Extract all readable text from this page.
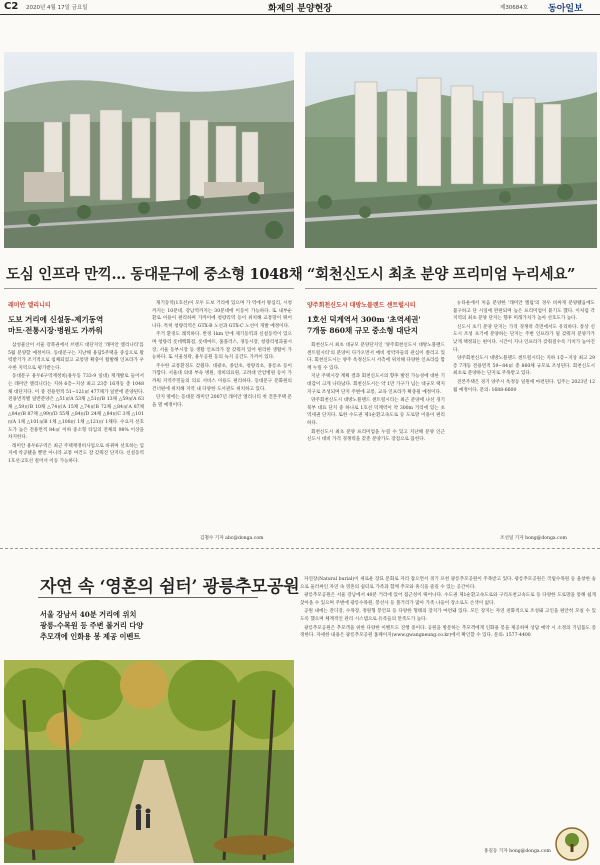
C2 2020년 4월 17일 금요일	화제의 분양현장	제30684호 동아일보
도심 인프라 만끽… 동대문구에 중소형 1048채 “회천신도시 최초 분양 프리미엄 누리세요”
래미안 엘리니티
도보 거리에 신설동-제기동역
마트·전통시장·병원도 가까워

삼성물산이 서울 강북권에서 브랜드 대단지인 '래미안 엘리니티'를 5월 분양할 예정이다. 동대문구는 지난해 용답5주택을 중심으로 활력받기가 조기적으로 침체되었고 교통망 확충이 활발해 인프라가 우수한 지역으로 평가받는다.

동대문구 용두6구역재정비(용두동 733-9 일대) 재개발로 들어서는 래미안 엘리니티는 지하 6층∼지상 최고 23층 16개동 총 1048채 대단지다. 이 중 전용면적 51∼121㎡ 477채가 일반에 분양된다. 전용면적별 일반분양은 △51㎡A 53채 △51㎡B 13채 △59㎡A 63채 △59㎡B 10채 △74㎡A 15채 △74㎡B 72채 △84㎡A 87채 △84㎡B 87채 △99㎡D 55채 △84㎡D 24채 △84㎡C 3채 △101㎡A 1채 △101㎡B 1채 △108㎡ 1채 △121㎡ 1채다. 수요자 선호도가 높은 전용면적 84㎡ 이하 중소형 타입의 전체의 98% 이상을 차지한다.

래미안 용두6구역은 최근 주택재정비사업으로 바뀌며 선호하는 입지에 착공됐을 뿐만 아니라 교통 여건도 잘 갖춰진 단지다. 신설동역 1호선·2호선 걸어서 이동 가능하다.

제기동역(1호선)이 모두 도보 거리에 있으며 가 역에서 왕십리, 시청까지는 10분대, 강남역까지는 30분대에 이동이 가능하다. 또 내부순환로 이용이 편리하며 가까이에 청량리역 등이 위치해 교통망이 뛰어나다. 특히 청량리역은 GTX-B 노선과 GTX-C 노선이 개발 예정이다.

주거 환경도 쾌적하다. 반경 1km 안에 제기동역과 신설동역이 있으며 청량리 롯데백화점, 롯데마트, 홈플러스, 경동시장, 청량리청과물시장, 서울 동부시장 등 생활 인프라가 잘 갖춰져 있어 편리한 생활이 가능하다. 또 서울성곽, 용두공원 등의 녹지 공간도 가까이 있다.

주수한 교통환경도 갖췄다. 대광초, 종암초, 청량리초, 홍릉초 등이 가깝다. 서울대 의대 부속 병원, 경희의료원, 고려대 안암병원 등이 가까워 지역주민들의 의료 서비스 이용도 편리하다. 동대문구 문화원의 건너편에 위치해 지역 내 다양한 도서관도 위치하고 있다.

단지 옆에는 동대문 래미안 2007년 래미안 엘리니티 첫 견본주택 문을 열 예정이다.

김철수 기자 abc@donga.com
양주회천신도시 대방노블랜드 센트럴시티
1호선 덕계역서 300m '초역세권'
7개동 860채 규모 중소형 대단지

회천신도시 최초 대규모 분양단지인 '양주회천신도시 대방노블랜드 센트럴시티'의 분양이 다가오면서 예비 청약자들의 관심이 쏠리고 있다. 회천신도시는 양주 옥정신도시 서측에 위치해 다양한 인프라를 함께 누릴 수 있다.

지난 주택시장 계획 결과 회천신도시의 향후 발전 가능성에 대한 기대감이 크게 나타났다. 회천신도시는 약 1만 가구가 넘는 대규모 택지지구로 조성되며 단지 주변에 교통, 교육 인프라가 확충될 예정이다.

양주회천신도시 대방노블랜드 센트럴시티는 최근 분양에 나선 경기 북부 대표 단지 중 하나로 1호선 덕계역이 약 300m 거리에 있는 초역세권 단지다. 또한 수도권 제1순환고속도로 등 도로망 이용이 편리하다.

회천신도시 최초 분양 프리미엄을 누릴 수 있고 지난해 분양 인근 신도시 대비 가격 경쟁력을 갖춘 분양가도 장점으로 꼽힌다.

뉴타운에서 처음 분양한 '래미안 엘림'의 경우 비싸게 분양됐음에도 불구하고 단 시일에 완판되며 높은 프리미엄이 붙기도 했다. 이처럼 각 지역의 최초 분양 단지는 향후 미래가치가 높아 선호도가 높다.

신도시 초기 분양 단지는 가격 경쟁력 측면에서도 유리하다. 통상 신도시 조성 초기에 분양하는 단지는 주변 인프라가 덜 갖춰져 분양가가 낮게 책정되는 편이다. 시간이 지나 인프라가 갖춰질수록 가치가 높아진다.

양주회천신도시 대방노블랜드 센트럴시티는 지하 1층∼지상 최고 29층 7개동 전용면적 59∼84㎡ 총 860채 규모로 조성된다. 회천신도시 최초로 분양하는 단지로 주목받고 있다.

견본주택은 경기 양주시 옥정동 일원에 마련된다. 입주는 2023년 12월 예정이다. 문의: 1688-6600

조선일 기자 hong@donga.com
자연 속 ‘영혼의 쉼터’ 광릉추모공원
서울 강남서 40분 거리에 위치
광릉-수목원 등 주변 볼거리 다양
추모객에 인화용 봉 제공 이벤트

자연장(Natural burial)이 새로운 장묘 문화로 자리 잡으면서 경기 포천 광릉추모공원이 주목받고 있다. 광릉추모공원은 국립수목원 등 울창한 숲으로 둘러싸인 자연 속 영혼의 쉼터로 가족과 함께 추모와 휴식을 즐길 수 있는 공간이다.

광릉추모공원은 서울 강남에서 40분 거리에 있어 접근성이 뛰어나다. 수도권 제1순환고속도로와 구리포천고속도로 등 다양한 도로망을 통해 쉽게 찾아올 수 있으며 주변에 광릉수목원, 봉선사 등 볼거리가 많아 가족 나들이 장소로도 손색이 없다.

공원 내에는 잔디장, 수목장, 정원형 봉안묘 등 다양한 형태의 장지가 마련돼 있다. 모든 장지는 자연 친화적으로 조성돼 고인을 편안히 모실 수 있도록 했으며 체계적인 관리 시스템으로 유족들의 만족도가 높다.

광릉추모공원은 추모객을 위한 다양한 이벤트도 진행 중이다. 공원을 방문하는 추모객에게 인화용 봉을 제공하며 상담 예약 시 소정의 기념품도 증정한다. 자세한 내용은 광릉추모공원 홈페이지(www.gwangneung.co.kr)에서 확인할 수 있다. 문의: 1577-4400

홍길동 기자 hong@donga.com
